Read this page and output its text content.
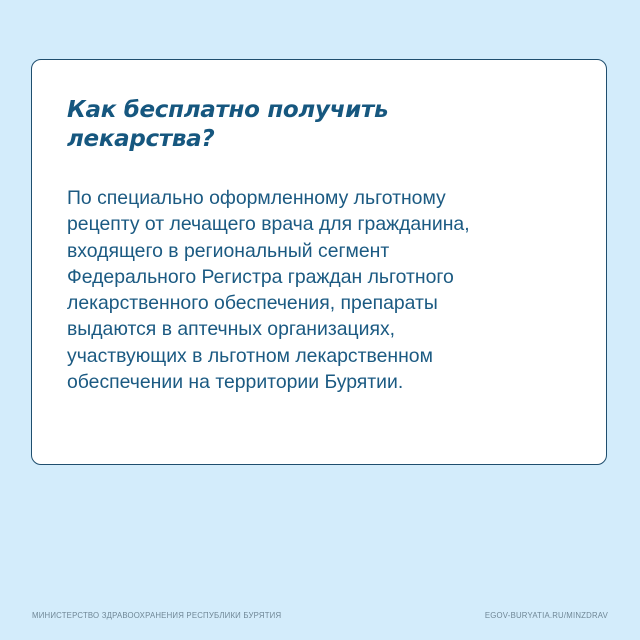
Как бесплатно получить
лекарства?

По специально оформленному льготному
рецепту от лечащего врача для гражданина,
входящего в региональный сегмент
Федерального Регистра граждан льготного
лекарственного обеспечения, препараты
выдаются в аптечных организациях,
участвующих в льготном лекарственном
обеспечении на территории Бурятии.

МИНИСТЕРСТВО ЗДРАВООХРАНЕНИЯ РЕСПУБЛИКИ БУРЯТИЯ	EGOV-BURYATIA.RU/MINZDRAV
